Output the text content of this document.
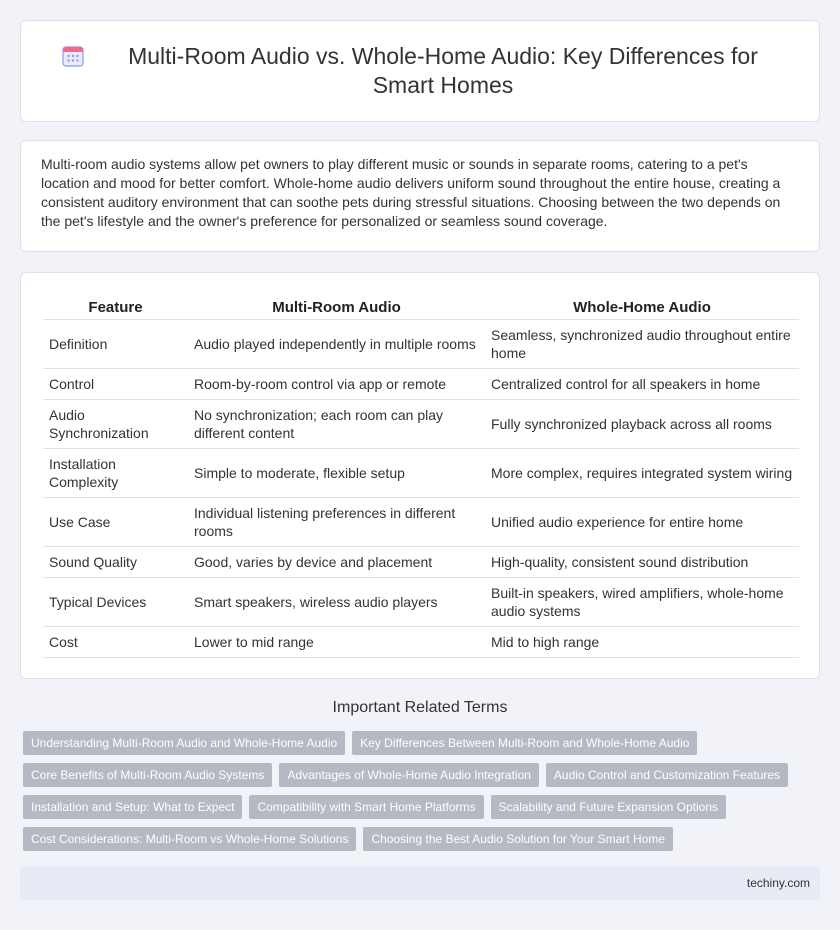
Multi-Room Audio vs. Whole-Home Audio: Key Differences for Smart Homes

Multi-room audio systems allow pet owners to play different music or sounds in separate rooms, catering to a pet's location and mood for better comfort. Whole-home audio delivers uniform sound throughout the entire house, creating a consistent auditory environment that can soothe pets during stressful situations. Choosing between the two depends on the pet's lifestyle and the owner's preference for personalized or seamless sound coverage.

Feature	Multi-Room Audio	Whole-Home Audio
Definition	Audio played independently in multiple rooms	Seamless, synchronized audio throughout entire home
Control	Room-by-room control via app or remote	Centralized control for all speakers in home
Audio Synchronization	No synchronization; each room can play different content	Fully synchronized playback across all rooms
Installation Complexity	Simple to moderate, flexible setup	More complex, requires integrated system wiring
Use Case	Individual listening preferences in different rooms	Unified audio experience for entire home
Sound Quality	Good, varies by device and placement	High-quality, consistent sound distribution
Typical Devices	Smart speakers, wireless audio players	Built-in speakers, wired amplifiers, whole-home audio systems
Cost	Lower to mid range	Mid to high range
Important Related Terms
Understanding Multi-Room Audio and Whole-Home Audio	Key Differences Between Multi-Room and Whole-Home Audio
Core Benefits of Multi-Room Audio Systems	Advantages of Whole-Home Audio Integration	Audio Control and Customization Features
Installation and Setup: What to Expect	Compatibility with Smart Home Platforms	Scalability and Future Expansion Options
Cost Considerations: Multi-Room vs Whole-Home Solutions	Choosing the Best Audio Solution for Your Smart Home
techiny.com
